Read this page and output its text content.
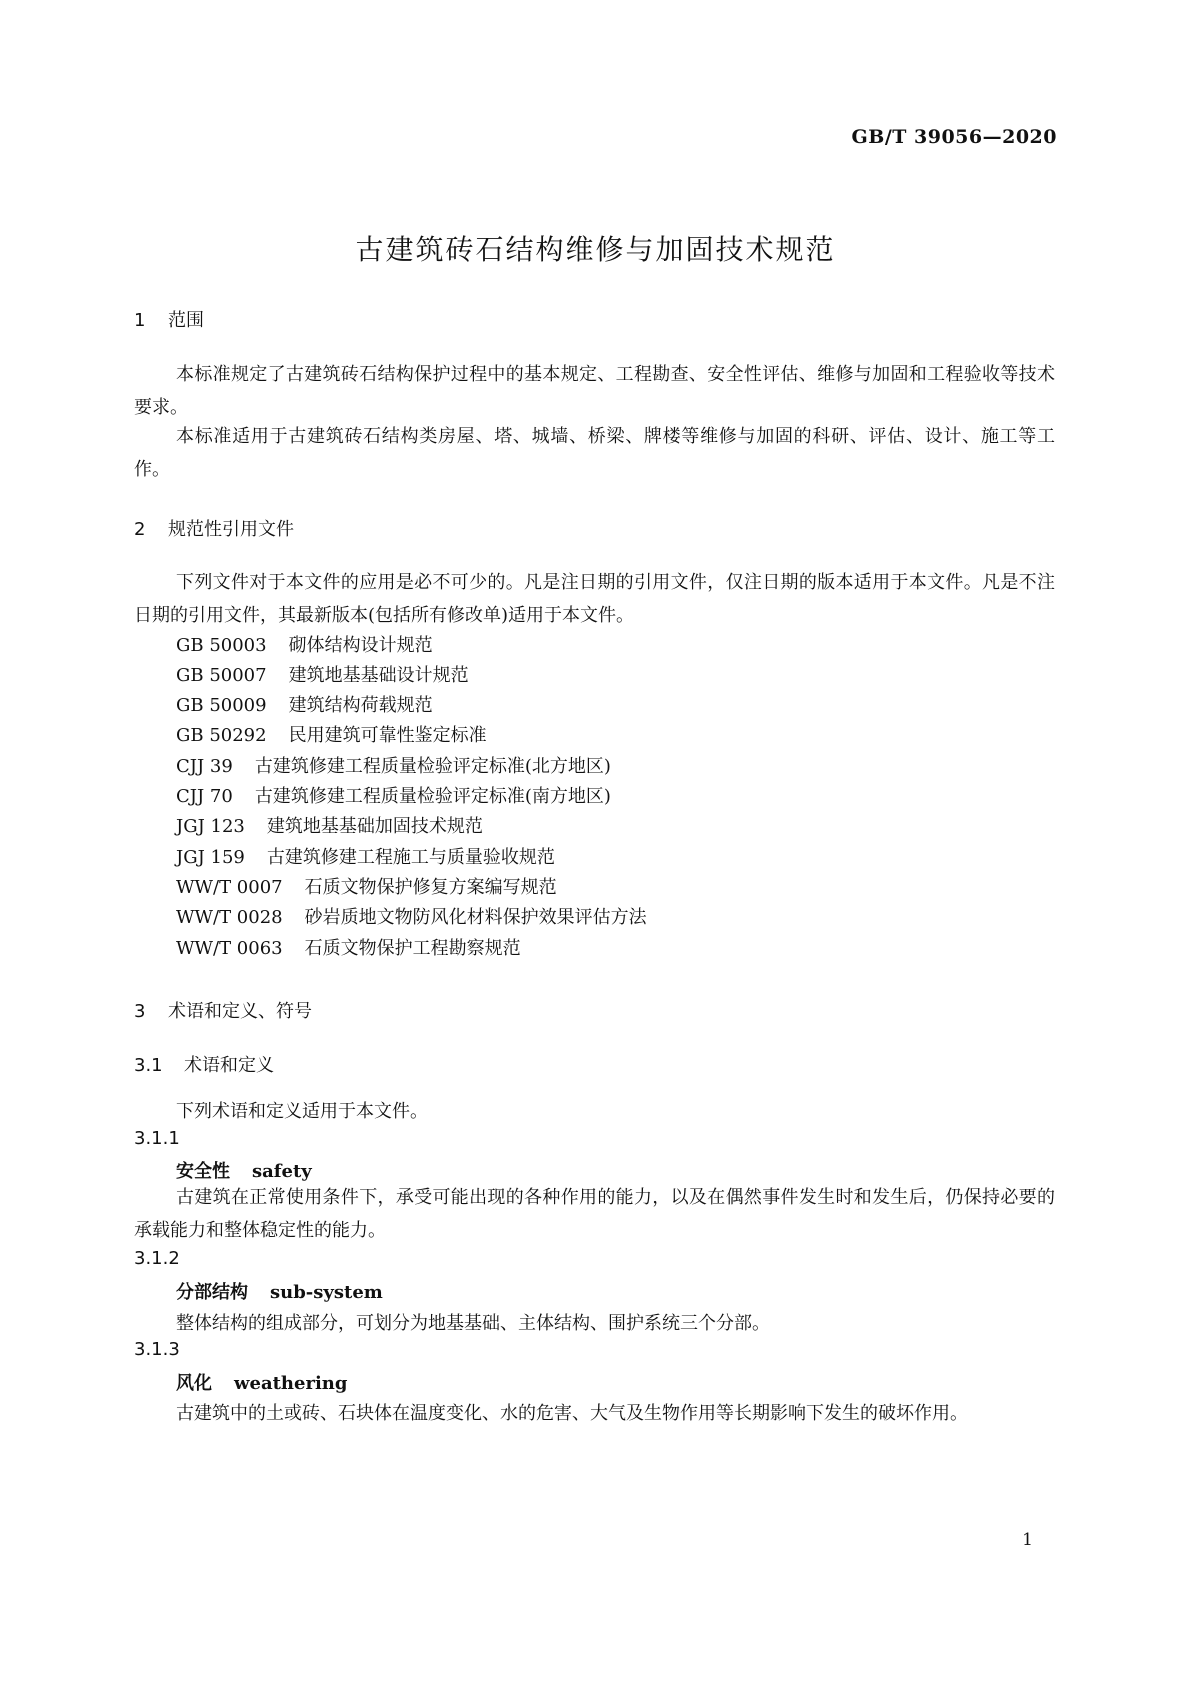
GB/T 39056—2020
古建筑砖石结构维修与加固技术规范
1 范围
本标准规定了古建筑砖石结构保护过程中的基本规定、工程勘查、安全性评估、维修与加固和工程验收等技术要求。
本标准适用于古建筑砖石结构类房屋、塔、城墙、桥梁、牌楼等维修与加固的科研、评估、设计、施工等工作。
2 规范性引用文件
下列文件对于本文件的应用是必不可少的。凡是注日期的引用文件，仅注日期的版本适用于本文件。凡是不注日期的引用文件，其最新版本(包括所有修改单)适用于本文件。
GB 50003 砌体结构设计规范
GB 50007 建筑地基基础设计规范
GB 50009 建筑结构荷载规范
GB 50292 民用建筑可靠性鉴定标准
CJJ 39 古建筑修建工程质量检验评定标准(北方地区)
CJJ 70 古建筑修建工程质量检验评定标准(南方地区)
JGJ 123 建筑地基基础加固技术规范
JGJ 159 古建筑修建工程施工与质量验收规范
WW/T 0007 石质文物保护修复方案编写规范
WW/T 0028 砂岩质地文物防风化材料保护效果评估方法
WW/T 0063 石质文物保护工程勘察规范
3 术语和定义、符号
3.1 术语和定义
下列术语和定义适用于本文件。
3.1.1
安全性 safety
古建筑在正常使用条件下，承受可能出现的各种作用的能力，以及在偶然事件发生时和发生后，仍保持必要的承载能力和整体稳定性的能力。
3.1.2
分部结构 sub-system
整体结构的组成部分，可划分为地基基础、主体结构、围护系统三个分部。
3.1.3
风化 weathering
古建筑中的土或砖、石块体在温度变化、水的危害、大气及生物作用等长期影响下发生的破坏作用。
1
